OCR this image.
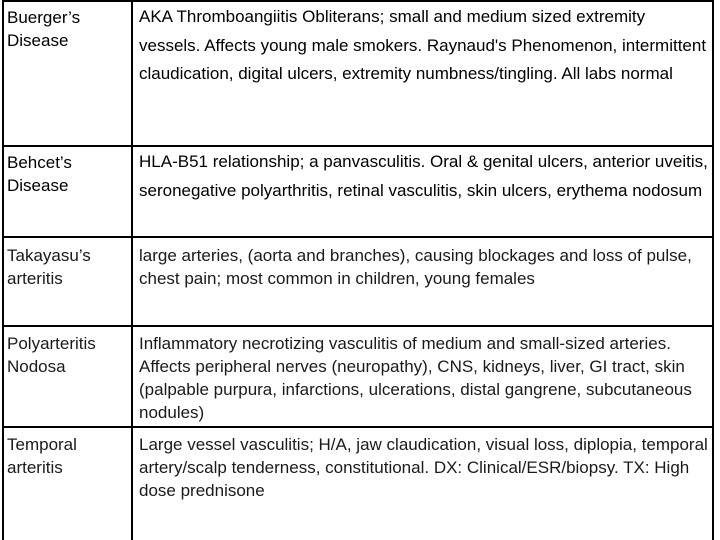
Buerger’s Disease
AKA Thromboangiitis Obliterans; small and medium sized extremity vessels. Affects young male smokers. Raynaud's Phenomenon, intermittent claudication, digital ulcers, extremity numbness/tingling. All labs normal
Behcet’s Disease
HLA-B51 relationship; a panvasculitis. Oral & genital ulcers, anterior uveitis, seronegative polyarthritis, retinal vasculitis, skin ulcers, erythema nodosum
Takayasu’s arteritis
large arteries, (aorta and branches), causing blockages and loss of pulse, chest pain; most common in children, young females
Polyarteritis Nodosa
Inflammatory necrotizing vasculitis of medium and small-sized arteries. Affects peripheral nerves (neuropathy), CNS, kidneys, liver, GI tract, skin (palpable purpura, infarctions, ulcerations, distal gangrene, subcutaneous nodules)
Temporal arteritis
Large vessel vasculitis; H/A, jaw claudication, visual loss, diplopia, temporal artery/scalp tenderness, constitutional. DX: Clinical/ESR/biopsy. TX: High dose prednisone
